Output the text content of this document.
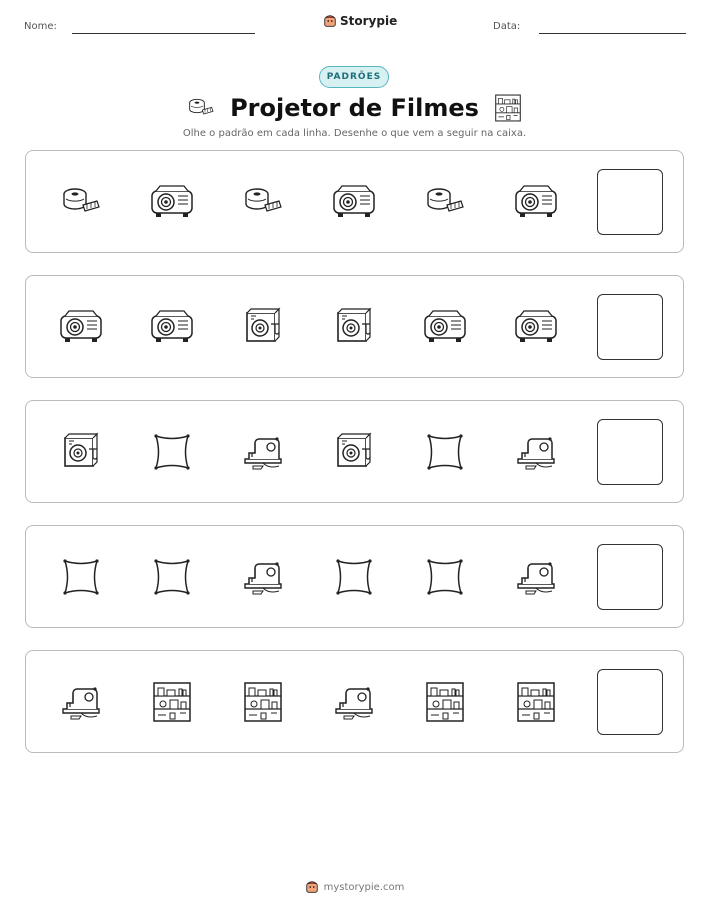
Nome:	Storypie	Data:
PADRÕES
Projetor de Filmes
Olhe o padrão em cada linha. Desenhe o que vem a seguir na caixa.
mystorypie.com
